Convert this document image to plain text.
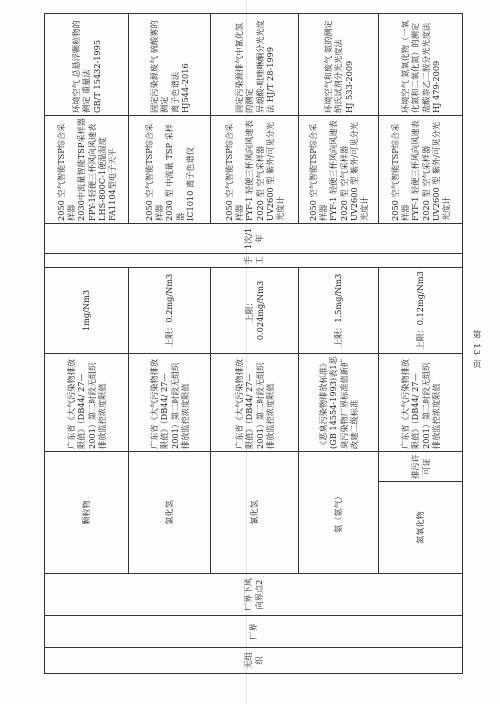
无组织	厂界	厂界下风向界点2	颗粒物		广东省《大气污染物排放限值》（DB44/ 27—2001）第二时段无组织排放监控浓度限值	1mg/Nm3	手工	1次/1年	2050 空气智能TSP综合采样器
2030中流量智能TSP采样器FPY-1轻便三杯风向风速表
LHS-800C-1便温湿度
FA1104型电子天平	环境空气 总悬浮颗粒物的测定 重量法
GB/T 15432-1995
			氯化氢		广东省《大气污染物排放限值》（DB44/ 27—2001）第二时段无组织排放监控浓度限值	上限：0.2mg/Nm3			2050 空气智能TSP综合采样器
2030 型 中流量 TSP 采样器
IC1010 离子色谱仪	固定污染源废气 硫酸雾的测定
离子色谱法
HJ544-2016
			氰化氢		广东省《大气污染物排放限值》（DB44/ 27—2001）第二时段无组织排放监控浓度限值	上限：0.024mg/Nm3			2050 空气智能TSP综合采样器
FYF-1 轻便三杯风向风速表
2020 型 空气采样器
UV2600 型 紫外/可见分光光度计	固定污染源排气中氰化氢的测定
异烟酸-吡唑啉酮分光光度法 HJ/T 28-1999
			氨（氨气）		《恶臭污染物排放标准》(GB 14554-1993)表1恶臭污染物厂界标准值新扩改建二级标准	上限：1.5mg/Nm3			2050 空气智能TSP综合采样器
FYF-1 轻便三杯风向风速表
2020 型 空气采样器
UV2600 型 紫外/可见分光光度计	环境空气和废气 氨的测定
纳氏试剂分光光度法
HJ 533-2009
			氮氧化物	排污许可证	广东省《大气污染物排放限值》（DB44/ 27—2001）第二时段无组织排放监控浓度限值	上限：0.12mg/Nm3			2050 空气智能TSP综合采样器
FYF-1 轻便三杯风向风速表
2020 型 空气采样器
UV2600 型 紫外/可见分光光度计	环境空气 氮氧化物（一氧化氮和二氧化氮）的测定 盐酸萘乙二胺分光光度法 HJ 479-2009
第 13 页
